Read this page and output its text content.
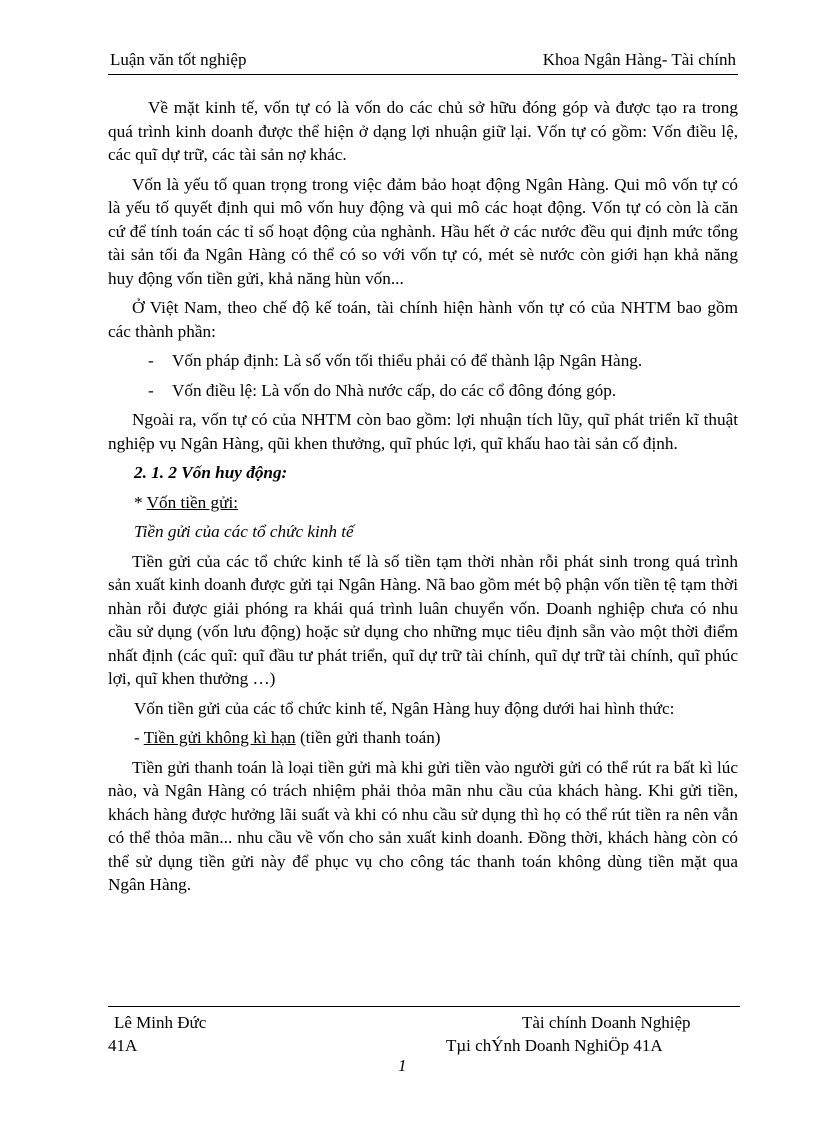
Luận văn tốt nghiệp	Khoa Ngân Hàng- Tài chính

Về mặt kinh tế, vốn tự có là vốn do các chủ sở hữu đóng góp và được tạo ra trong quá trình kinh doanh được thể hiện ở dạng lợi nhuận giữ lại. Vốn tự có gồm: Vốn điều lệ, các quĩ dự trữ, các tài sản nợ khác.

Vốn là yếu tố quan trọng trong việc đảm bảo hoạt động Ngân Hàng. Qui mô vốn tự có là yếu tố quyết định qui mô vốn huy động và qui mô các hoạt động. Vốn tự có còn là căn cứ để tính toán các tỉ số hoạt động của nghành. Hầu hết ở các nước đều qui định mức tổng tài sản tối đa Ngân Hàng có thể có so với vốn tự có, mét sè nước còn giới hạn khả năng huy động vốn tiền gửi, khả năng hùn vốn...

Ở Việt Nam, theo chế độ kế toán, tài chính hiện hành vốn tự có của NHTM bao gồm các thành phần:

-	Vốn pháp định: Là số vốn tối thiểu phải có để thành lập Ngân Hàng.
-	Vốn điều lệ: Là vốn do Nhà nước cấp, do các cổ đông đóng góp.

Ngoài ra, vốn tự có của NHTM còn bao gồm: lợi nhuận tích lũy, quĩ phát triển kĩ thuật nghiệp vụ Ngân Hàng, qũi khen thưởng, quĩ phúc lợi, quĩ khấu hao tài sản cố định.

2. 1. 2 Vốn huy động:

* Vốn tiền gửi:

Tiền gửi của các tổ chức kinh tế

Tiền gửi của các tổ chức kinh tế là số tiền tạm thời nhàn rỗi phát sinh trong quá trình sản xuất kinh doanh được gửi tại Ngân Hàng. Nã bao gồm mét bộ phận vốn tiền tệ tạm thời nhàn rỗi được giải phóng ra khái quá trình luân chuyển vốn. Doanh nghiệp chưa có nhu cầu sử dụng (vốn lưu động) hoặc sử dụng cho những mục tiêu định sẵn vào một thời điểm nhất định (các quĩ: quĩ đầu tư phát triển, quĩ dự trữ tài chính, quĩ dự trữ tài chính, quĩ phúc lợi, quĩ khen thưởng …)

Vốn tiền gửi của các tổ chức kinh tế, Ngân Hàng huy động dưới hai hình thức:

- Tiền gửi không kì hạn (tiền gửi thanh toán)

Tiền gửi thanh toán là loại tiền gửi mà khi gửi tiền vào người gửi có thể rút ra bất kì lúc nào, và Ngân Hàng có trách nhiệm phải thỏa mãn nhu cầu của khách hàng. Khi gửi tiền, khách hàng được hưởng lãi suất và khi có nhu cầu sử dụng thì họ có thể rút tiền ra nên vẫn có thể thỏa mãn... nhu cầu về vốn cho sản xuất kinh doanh. Đồng thời, khách hàng còn có thể sử dụng tiền gửi này để phục vụ cho công tác thanh toán không dùng tiền mặt qua Ngân Hàng.

Lê Minh Đức
41A
Tài chính Doanh Nghiệp
Tµi chÝnh Doanh NghiÖp 41A
1
